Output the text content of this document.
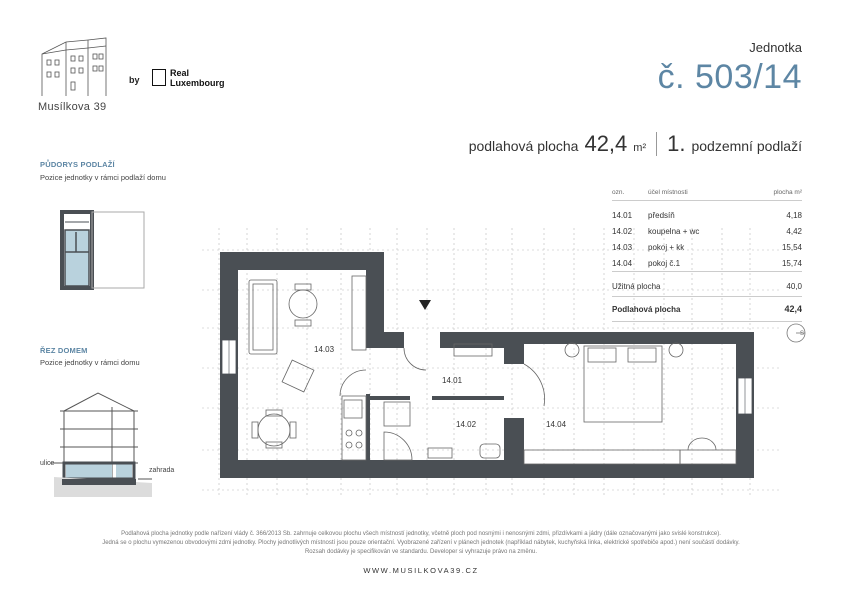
Musílkova 39
by
Real
Luxembourg
Jednotka
č. 503/14
podlahová plocha 42,4 m² 1. podzemní podlaží
PŮDORYS PODLAŽÍ
Pozice jednotky v rámci podlaží domu
ŘEZ DOMEM
Pozice jednotky v rámci domu
ulice
zahrada
ozn.	účel místnosti	plocha m²

14.01	předsíň	4,18
14.02	koupelna + wc	4,42
14.03	pokoj + kk	15,54
14.04	pokoj č.1	15,74

Užitná plocha		40,0
Podlahová plocha		42,4
S
14.03
14.01
14.02	14.04
Podlahová plocha jednotky podle nařízení vlády č. 366/2013 Sb. zahrnuje celkovou plochu všech místností jednotky, včetně ploch pod nosnými i nenosnými zdmi, přizdívkami a jádry (dále označovanými jako svislé konstrukce).
Jedná se o plochu vymezenou obvodovými zdmi jednotky. Plochy jednotlivých místností jsou pouze orientační. Vyobrazené zařízení v plánech jednotek (například nábytek, kuchyňská linka, elektrické spotřebiče apod.) není součástí dodávky.
Rozsah dodávky je specifikován ve standardu. Developer si vyhrazuje právo na změnu.
WWW.MUSILKOVA39.CZ
